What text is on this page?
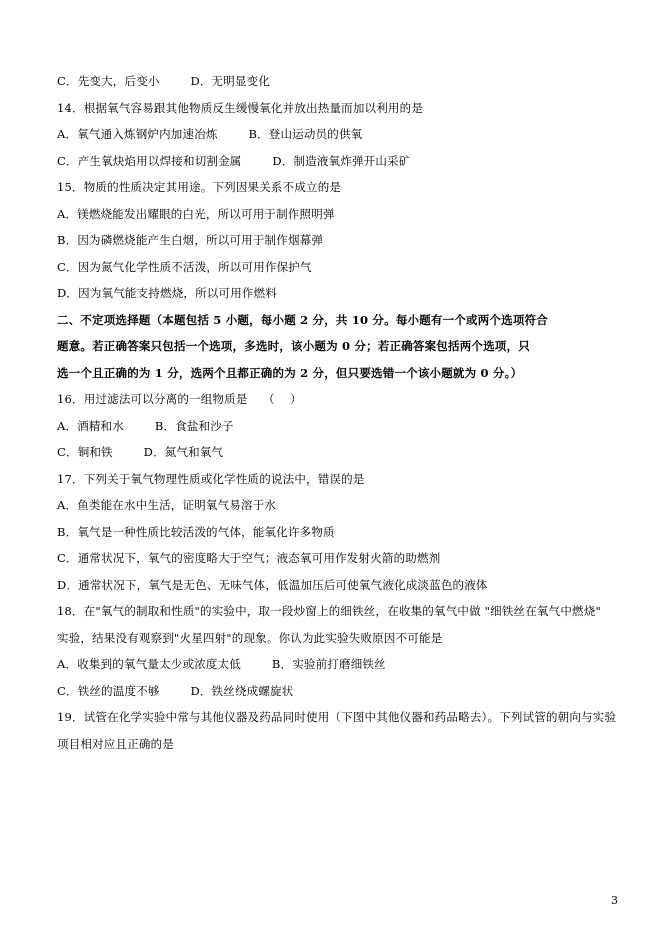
C．先变大，后变小        D．无明显变化
14．根据氧气容易跟其他物质反生缓慢氧化并放出热量而加以利用的是
A．氧气通入炼钢炉内加速冶炼        B．登山运动员的供氧
C．产生氧炔焰用以焊接和切割金属        D．制造液氧炸弹开山采矿
15．物质的性质决定其用途。下列因果关系不成立的是
A．镁燃烧能发出耀眼的白光，所以可用于制作照明弹
B．因为磷燃烧能产生白烟，所以可用于制作烟幕弹
C．因为氮气化学性质不活泼，所以可用作保护气
D．因为氧气能支持燃烧，所以可用作燃料
二、不定项选择题（本题包括 5 小题，每小题 2 分，共 10 分。每小题有一个或两个选项符合
题意。若正确答案只包括一个选项，多选时，该小题为 0 分；若正确答案包括两个选项，只
选一个且正确的为 1 分，选两个且都正确的为 2 分，但只要选错一个该小题就为 0 分。）
16．用过滤法可以分离的一组物质是    （    ）
A．酒精和水        B．食盐和沙子
C．铜和铁        D．氮气和氧气
17．下列关于氧气物理性质或化学性质的说法中，错误的是
A．鱼类能在水中生活，证明氧气易溶于水
B．氧气是一种性质比较活泼的气体，能氧化许多物质
C．通常状况下，氧气的密度略大于空气；液态氧可用作发射火箭的助燃剂
D．通常状况下，氧气是无色、无味气体，低温加压后可使氧气液化成淡蓝色的液体
18．在"氧气的制取和性质"的实验中，取一段炒窗上的细铁丝，在收集的氧气中做 "细铁丝在氧气中燃烧"
实验，结果没有观察到"火星四射"的现象。你认为此实验失败原因不可能是
A．收集到的氧气量太少或浓度太低        B．实验前打磨细铁丝
C．铁丝的温度不够        D．铁丝绕成螺旋状
19．试管在化学实验中常与其他仪器及药品同时使用（下图中其他仪器和药品略去）。下列试管的朝向与实验
项目相对应且正确的是
3
